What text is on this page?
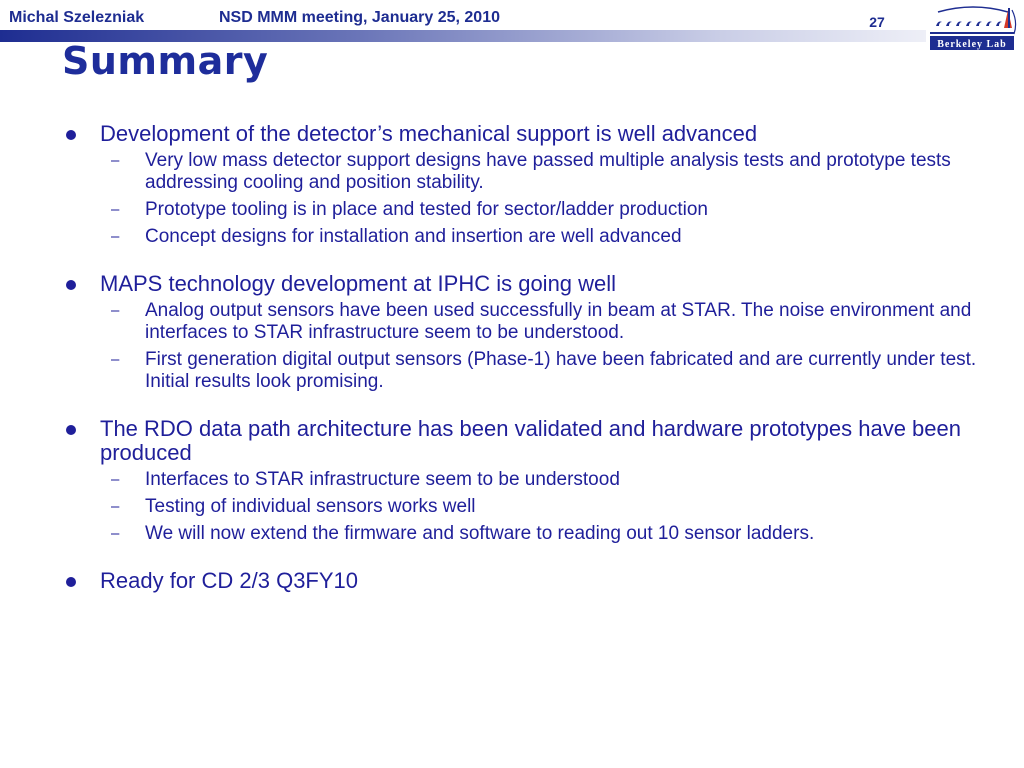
Michal Szelezniak	NSD MMM meeting, January 25, 2010	27
Berkeley Lab
Summary
Development of the detector’s mechanical support is well advanced
– Very low mass detector support designs have passed multiple analysis tests and prototype tests addressing cooling and position stability.
– Prototype tooling is in place and tested for sector/ladder production
– Concept designs for installation and insertion are well advanced
MAPS technology development at IPHC is going well
– Analog output sensors have been used successfully in beam at STAR. The noise environment and interfaces to STAR infrastructure seem to be understood.
– First generation digital output sensors (Phase-1) have been fabricated and are currently under test. Initial results look promising.
The RDO data path architecture has been validated and hardware prototypes have been produced
– Interfaces to STAR infrastructure seem to be understood
– Testing of individual sensors works well
– We will now extend the firmware and software to reading out 10 sensor ladders.
Ready for CD 2/3 Q3FY10
